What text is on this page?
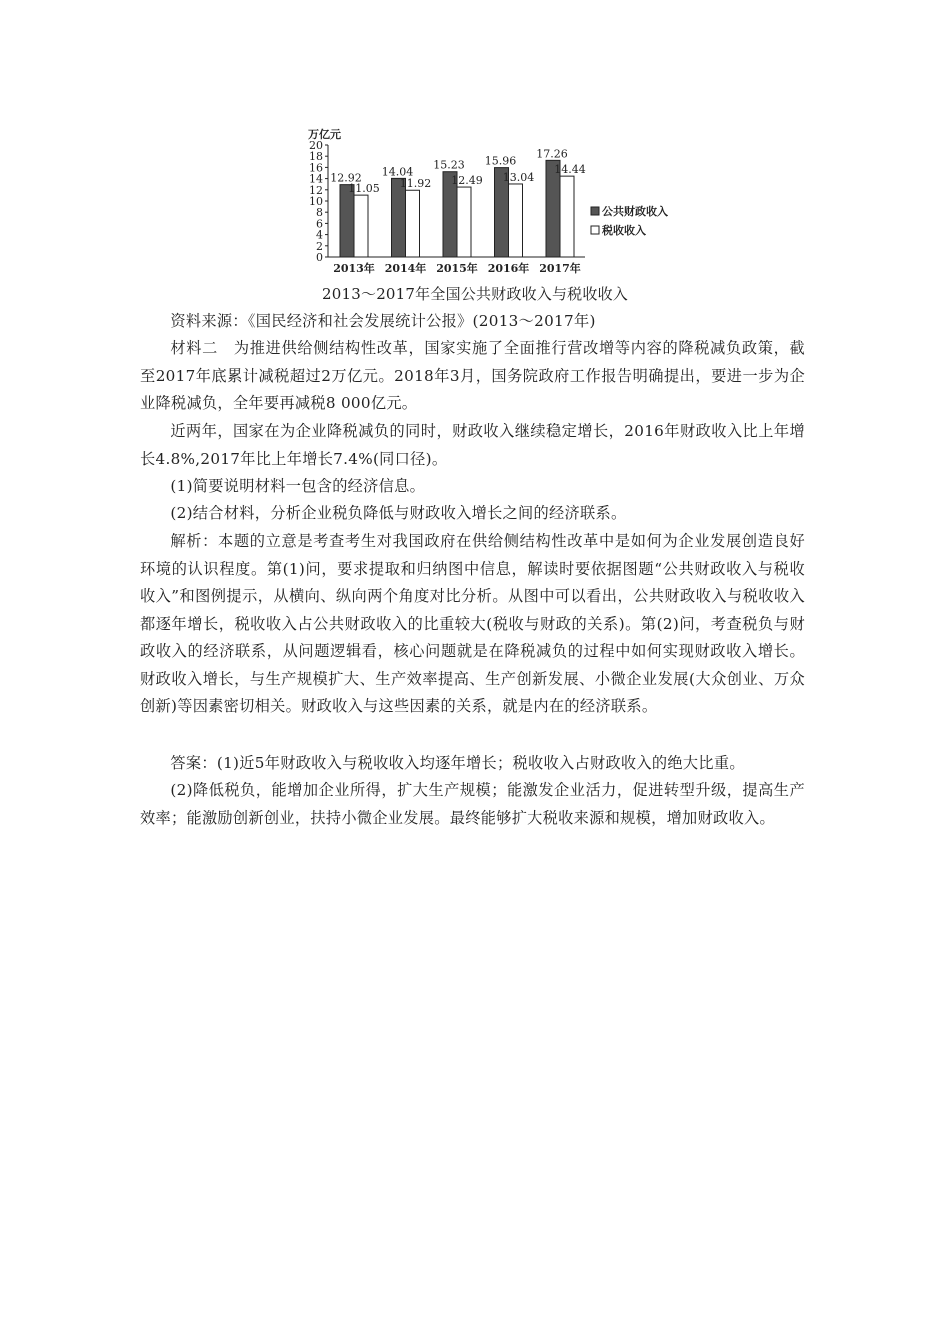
万亿元
0
2
4
6
8
10
12
14
16
18
20
12.92
11.05
2013年
14.04
11.92
2014年
15.23
12.49
2015年
15.96
13.04
2016年
17.26
14.44
2017年
公共财政收入
税收收入
2013～2017年全国公共财政收入与税收收入

资料来源：《国民经济和社会发展统计公报》(2013～2017年)

材料二　为推进供给侧结构性改革，国家实施了全面推行营改增等内容的降税减负政策，截至2017年底累计减税超过2万亿元。2018年3月，国务院政府工作报告明确提出，要进一步为企业降税减负，全年要再减税8 000亿元。

近两年，国家在为企业降税减负的同时，财政收入继续稳定增长，2016年财政收入比上年增长4.8%,2017年比上年增长7.4%(同口径)。

(1)简要说明材料一包含的经济信息。

(2)结合材料，分析企业税负降低与财政收入增长之间的经济联系。

解析：本题的立意是考查考生对我国政府在供给侧结构性改革中是如何为企业发展创造良好环境的认识程度。第(1)问，要求提取和归纳图中信息，解读时要依据图题“公共财政收入与税收收入”和图例提示，从横向、纵向两个角度对比分析。从图中可以看出，公共财政收入与税收收入都逐年增长，税收收入占公共财政收入的比重较大(税收与财政的关系)。第(2)问，考查税负与财政收入的经济联系，从问题逻辑看，核心问题就是在降税减负的过程中如何实现财政收入增长。财政收入增长，与生产规模扩大、生产效率提高、生产创新发展、小微企业发展(大众创业、万众创新)等因素密切相关。财政收入与这些因素的关系，就是内在的经济联系。

答案：(1)近5年财政收入与税收收入均逐年增长；税收收入占财政收入的绝大比重。

(2)降低税负，能增加企业所得，扩大生产规模；能激发企业活力，促进转型升级，提高生产效率；能激励创新创业，扶持小微企业发展。最终能够扩大税收来源和规模，增加财政收入。
